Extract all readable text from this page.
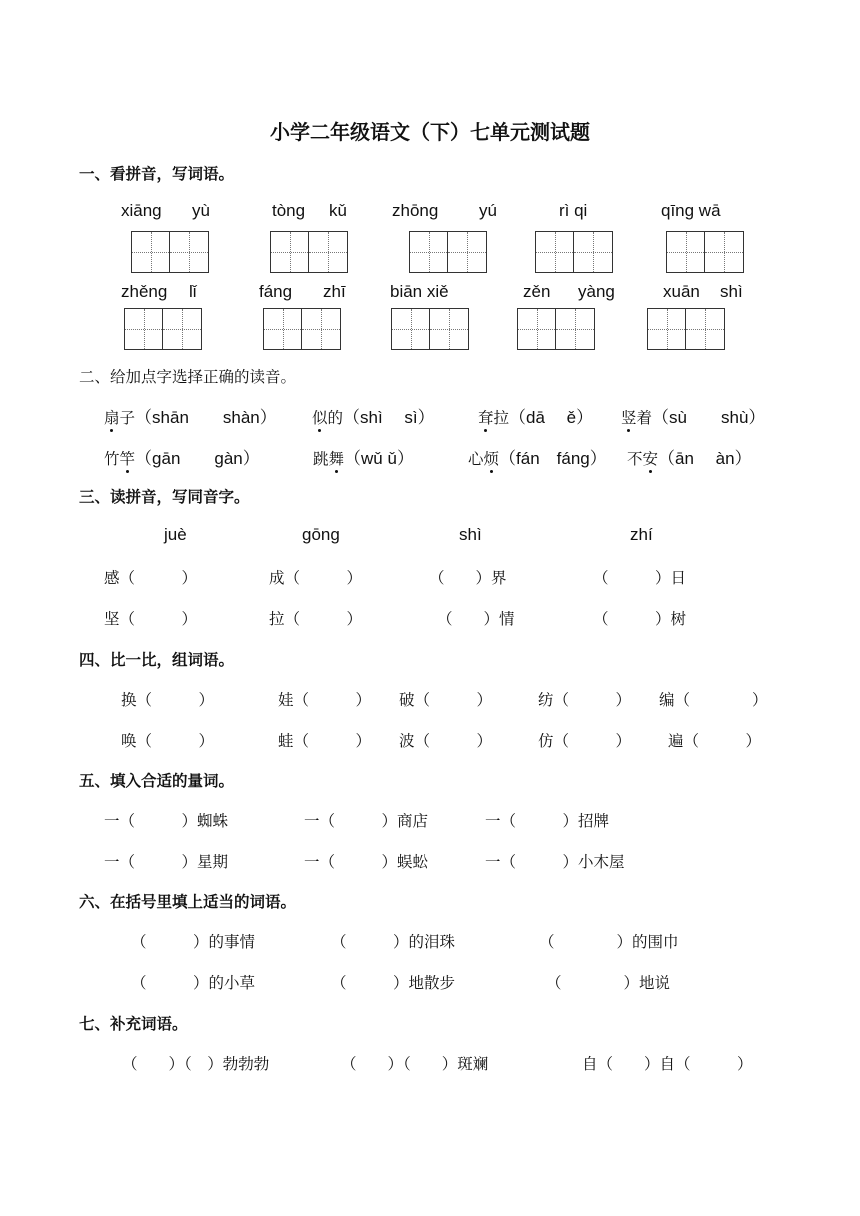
小学二年级语文（下）七单元测试题
一、看拼音，写词语。
xiāng yù	tòng kǔ	zhōng yú	rì qi	qīng wā
zhěng lǐ	fáng zhī	biān xiě	zěn yàng	xuān shì
二、给加点字选择正确的读音。
扇子（shān　　shàn） 似的（shì　 sì）	耷拉（dā　 ě） 竖着（sù　　shù）
竹竿（gān　　gàn）	跳舞（wǔ ǔ）	心烦（fán　fáng） 不安（ān　 àn）
三、读拼音，写同音字。
juè	gōng	shì	zhí
感（　　　）	成（　　　）	（　　）界	（　　　）日
坚（　　　）	拉（　　　）	（　　）情	（　　　）树
四、比一比，组词语。
换（　　　）	娃（　　　） 破（　　　）	纺（　　　） 编（　　　　）
唤（　　　）	蛙（　　　） 波（　　　）	仿（　　　） 遍（　　　）
五、填入合适的量词。
一（　　　）蜘蛛	一（　　　）商店	一（　　　）招牌
一（　　　）星期	一（　　　）蜈蚣	一（　　　）小木屋
六、在括号里填上适当的词语。
（　　　）的事情	（　　　）的泪珠	（　　　　）的围巾
（　　　）的小草	（　　　）地散步	（　　　　）地说
七、补充词语。
（　　）（　）勃勃勃	（　　）（　　）斑斓	自（　　）自（　　　）
